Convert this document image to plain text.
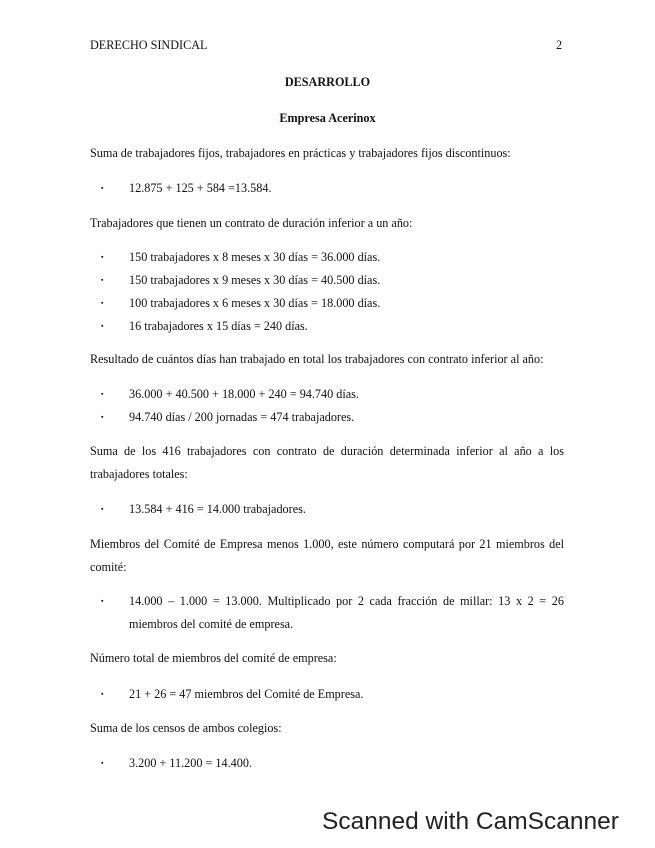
DERECHO SINDICAL	2
DESARROLLO
Empresa Acerinox
Suma de trabajadores fijos, trabajadores en prácticas y trabajadores fijos discontinuos:
▪ 12.875 + 125 + 584 =13.584.
Trabajadores que tienen un contrato de duración inferior a un año:
▪ 150 trabajadores x 8 meses x 30 días = 36.000 días.
▪ 150 trabajadores x 9 meses x 30 días = 40.500 días.
▪ 100 trabajadores x 6 meses x 30 días = 18.000 días.
▪ 16 trabajadores x 15 días = 240 días.
Resultado de cuántos días han trabajado en total los trabajadores con contrato inferior al año:
▪ 36.000 + 40.500 + 18.000 + 240 = 94.740 días.
▪ 94.740 días / 200 jornadas = 474 trabajadores.
Suma de los 416 trabajadores con contrato de duración determinada inferior al año a los trabajadores totales:
▪ 13.584 + 416 = 14.000 trabajadores.
Miembros del Comité de Empresa menos 1.000, este número computará por 21 miembros del comité:
▪ 14.000 – 1.000 = 13.000. Multiplicado por 2 cada fracción de millar: 13 x 2 = 26 miembros del comité de empresa.
Número total de miembros del comité de empresa:
▪ 21 + 26 = 47 miembros del Comité de Empresa.
Suma de los censos de ambos colegios:
▪ 3.200 + 11.200 = 14.400.
Scanned with CamScanner
